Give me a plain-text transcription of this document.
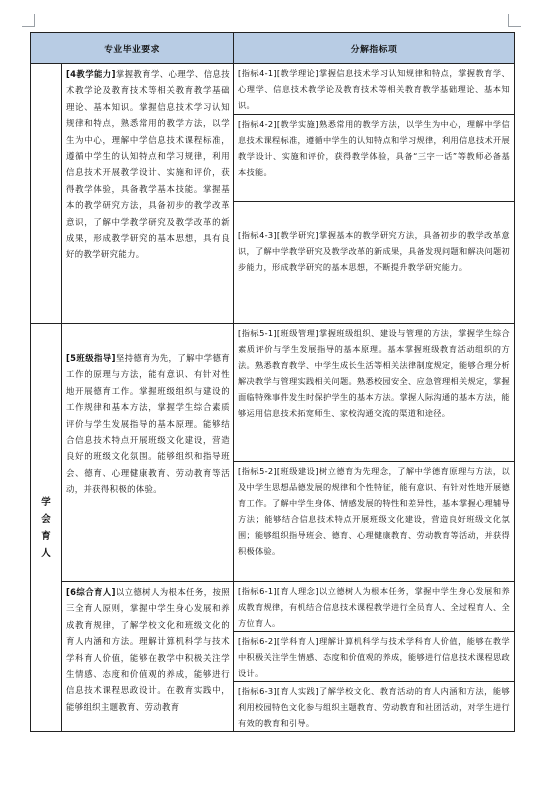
专业毕业要求		分解指标项
	[4教学能力]掌握教育学、心理学、信息技术教学论及教育技术等相关教育教学基础理论、基本知识。掌握信息技术学习认知规律和特点，熟悉常用的教学方法，以学生为中心，理解中学信息技术课程标准，遵循中学生的认知特点和学习规律，利用信息技术开展教学设计、实施和评价，获得教学体验，具备教学基本技能。掌握基本的教学研究方法，具备初步的教学改革意识，了解中学教学研究及教学改革的新成果，形成教学研究的基本思想，具有良好的教学研究能力。	[指标4-1][教学理论]掌握信息技术学习认知规律和特点，掌握教育学、心理学、信息技术教学论及教育技术等相关教育教学基础理论、基本知识。
		[指标4-2][教学实施]熟悉常用的教学方法，以学生为中心，理解中学信息技术课程标准，遵循中学生的认知特点和学习规律，利用信息技术开展教学设计、实施和评价，获得教学体验，具备“三字一话”等教师必备基本技能。
		[指标4-3][教学研究]掌握基本的教学研究方法，具备初步的教学改革意识，了解中学教学研究及教学改革的新成果，具备发现问题和解决问题初步能力，形成教学研究的基本思想，不断提升教学研究能力。
学会育人	[5班级指导]坚持德育为先，了解中学德育工作的原理与方法，能有意识、有针对性地开展德育工作。掌握班级组织与建设的工作规律和基本方法，掌握学生综合素质评价与学生发展指导的基本原理。能够结合信息技术特点开展班级文化建设，营造良好的班级文化氛围。能够组织和指导班会、德育、心理健康教育、劳动教育等活动，并获得积极的体验。	[指标5-1][班级管理]掌握班级组织、建设与管理的方法，掌握学生综合素质评价与学生发展指导的基本原理。基本掌握班级教育活动组织的方法。熟悉教育教学、中学生成长生活等相关法律制度规定，能够合理分析解决教学与管理实践相关问题。熟悉校园安全、应急管理相关规定，掌握面临特殊事件发生时保护学生的基本方法。掌握人际沟通的基本方法，能够运用信息技术拓宽师生、家校沟通交流的渠道和途径。
		[指标5-2][班级建设]树立德育为先理念，了解中学德育原理与方法，以及中学生思想品德发展的规律和个性特征，能有意识、有针对性地开展德育工作。了解中学生身体、情感发展的特性和差异性，基本掌握心理辅导方法；能够结合信息技术特点开展班级文化建设，营造良好班级文化氛围；能够组织指导班会、德育、心理健康教育、劳动教育等活动，并获得积极体验。
	[6综合育人]以立德树人为根本任务，按照三全育人原则，掌握中学生身心发展和养成教育规律，了解学校文化和班级文化的育人内涵和方法。理解计算机科学与技术学科育人价值，能够在教学中积极关注学生情感、态度和价值观的养成，能够进行信息技术课程思政设计。在教育实践中，能够组织主题教育、劳动教育	[指标6-1][育人理念]以立德树人为根本任务，掌握中学生身心发展和养成教育规律，有机结合信息技术课程教学进行全员育人、全过程育人、全方位育人。
		[指标6-2][学科育人]理解计算机科学与技术学科育人价值，能够在教学中积极关注学生情感、态度和价值观的养成，能够进行信息技术课程思政设计。
		[指标6-3][育人实践]了解学校文化、教育活动的育人内涵和方法，能够利用校园特色文化参与组织主题教育、劳动教育和社团活动，对学生进行有效的教育和引导。
